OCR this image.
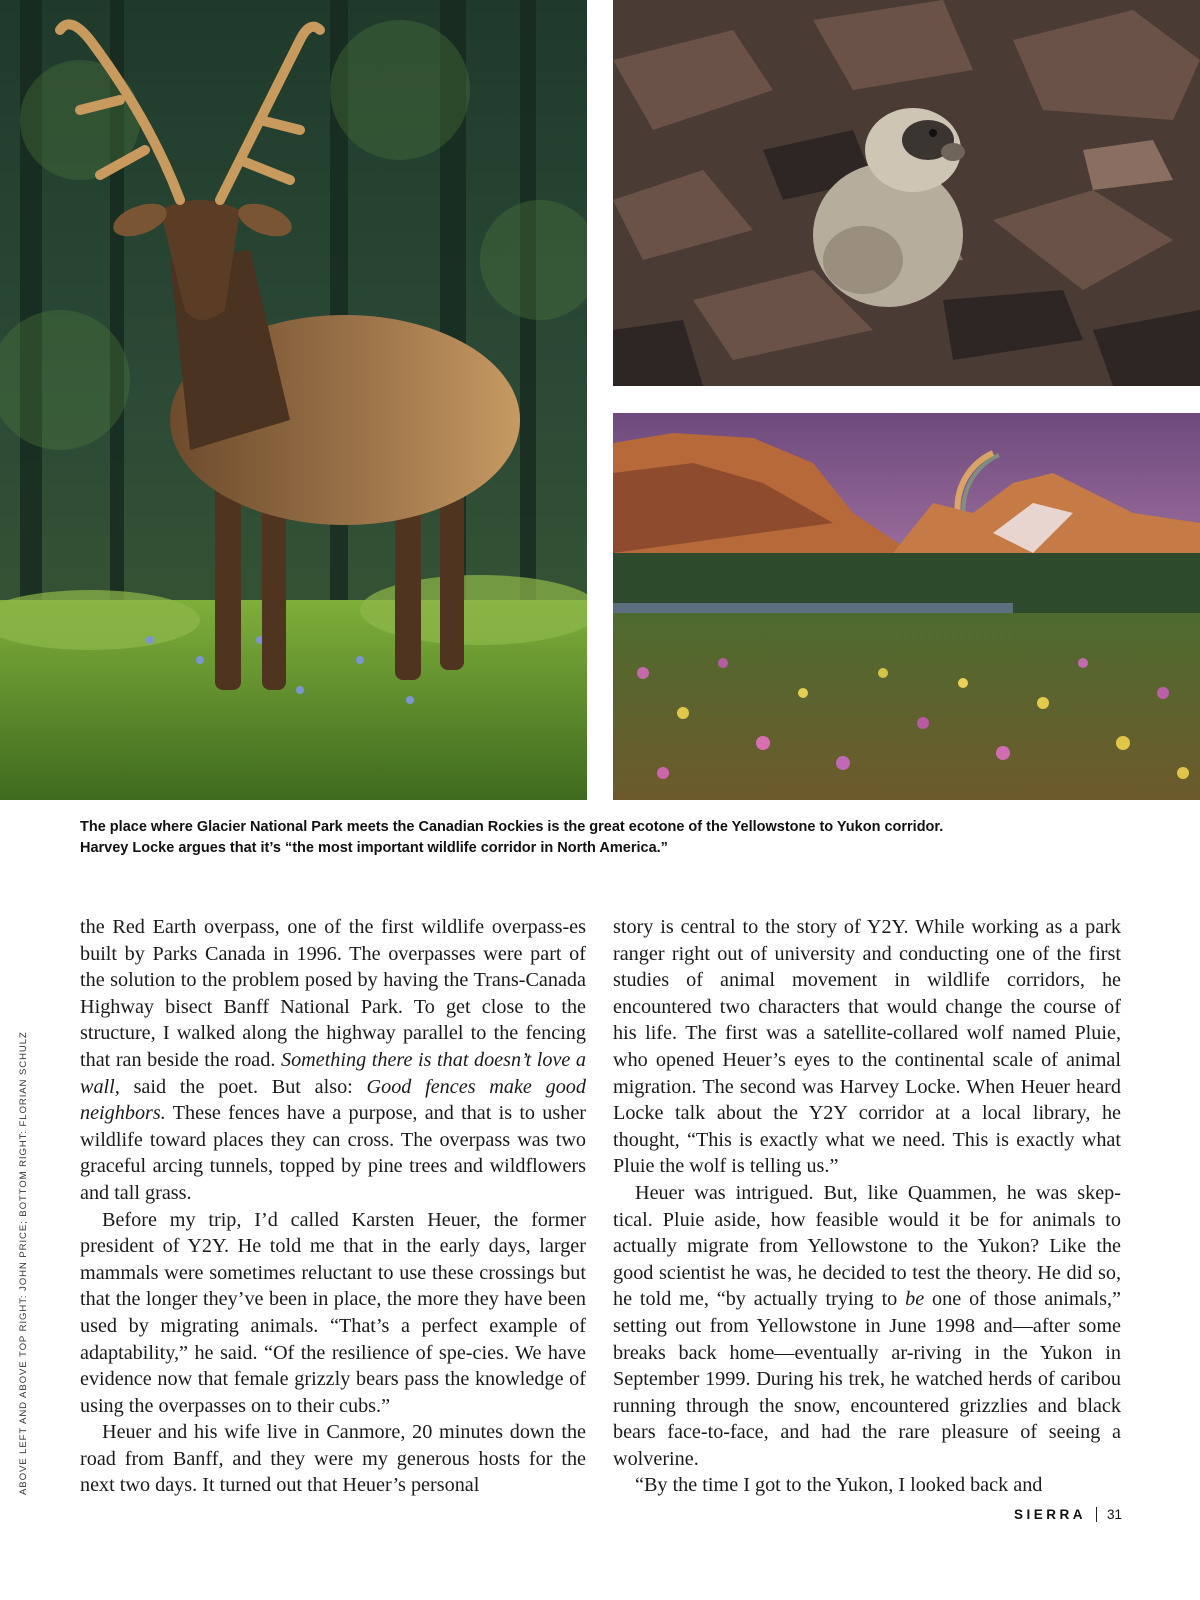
The place where Glacier National Park meets the Canadian Rockies is the great ecotone of the Yellowstone to Yukon corridor.
Harvey Locke argues that it’s “the most important wildlife corridor in North America.”
ABOVE LEFT AND ABOVE TOP RIGHT: JOHN PRICE; BOTTOM RIGHT: FLORIAN SCHULZ

the Red Earth overpass, one of the first wildlife overpass-es built by Parks Canada in 1996. The overpasses were part of the solution to the problem posed by having the Trans-Canada Highway bisect Banff National Park. To get close to the structure, I walked along the highway parallel to the fencing that ran beside the road. Something there is that doesn’t love a wall, said the poet. But also: Good fences make good neighbors. These fences have a purpose, and that is to usher wildlife toward places they can cross. The overpass was two graceful arcing tunnels, topped by pine trees and wildflowers and tall grass.

Before my trip, I’d called Karsten Heuer, the former president of Y2Y. He told me that in the early days, larger mammals were sometimes reluctant to use these crossings but that the longer they’ve been in place, the more they have been used by migrating animals. “That’s a perfect example of adaptability,” he said. “Of the resilience of spe-cies. We have evidence now that female grizzly bears pass the knowledge of using the overpasses on to their cubs.”

Heuer and his wife live in Canmore, 20 minutes down the road from Banff, and they were my generous hosts for the next two days. It turned out that Heuer’s personal

story is central to the story of Y2Y. While working as a park ranger right out of university and conducting one of the first studies of animal movement in wildlife corridors, he encountered two characters that would change the course of his life. The first was a satellite-collared wolf named Pluie, who opened Heuer’s eyes to the continental scale of animal migration. The second was Harvey Locke. When Heuer heard Locke talk about the Y2Y corridor at a local library, he thought, “This is exactly what we need. This is exactly what Pluie the wolf is telling us.”

Heuer was intrigued. But, like Quammen, he was skep-tical. Pluie aside, how feasible would it be for animals to actually migrate from Yellowstone to the Yukon? Like the good scientist he was, he decided to test the theory. He did so, he told me, “by actually trying to be one of those animals,” setting out from Yellowstone in June 1998 and—after some breaks back home—eventually ar-riving in the Yukon in September 1999. During his trek, he watched herds of caribou running through the snow, encountered grizzlies and black bears face-to-face, and had the rare pleasure of seeing a wolverine.

“By the time I got to the Yukon, I looked back and

SIERRA 31
